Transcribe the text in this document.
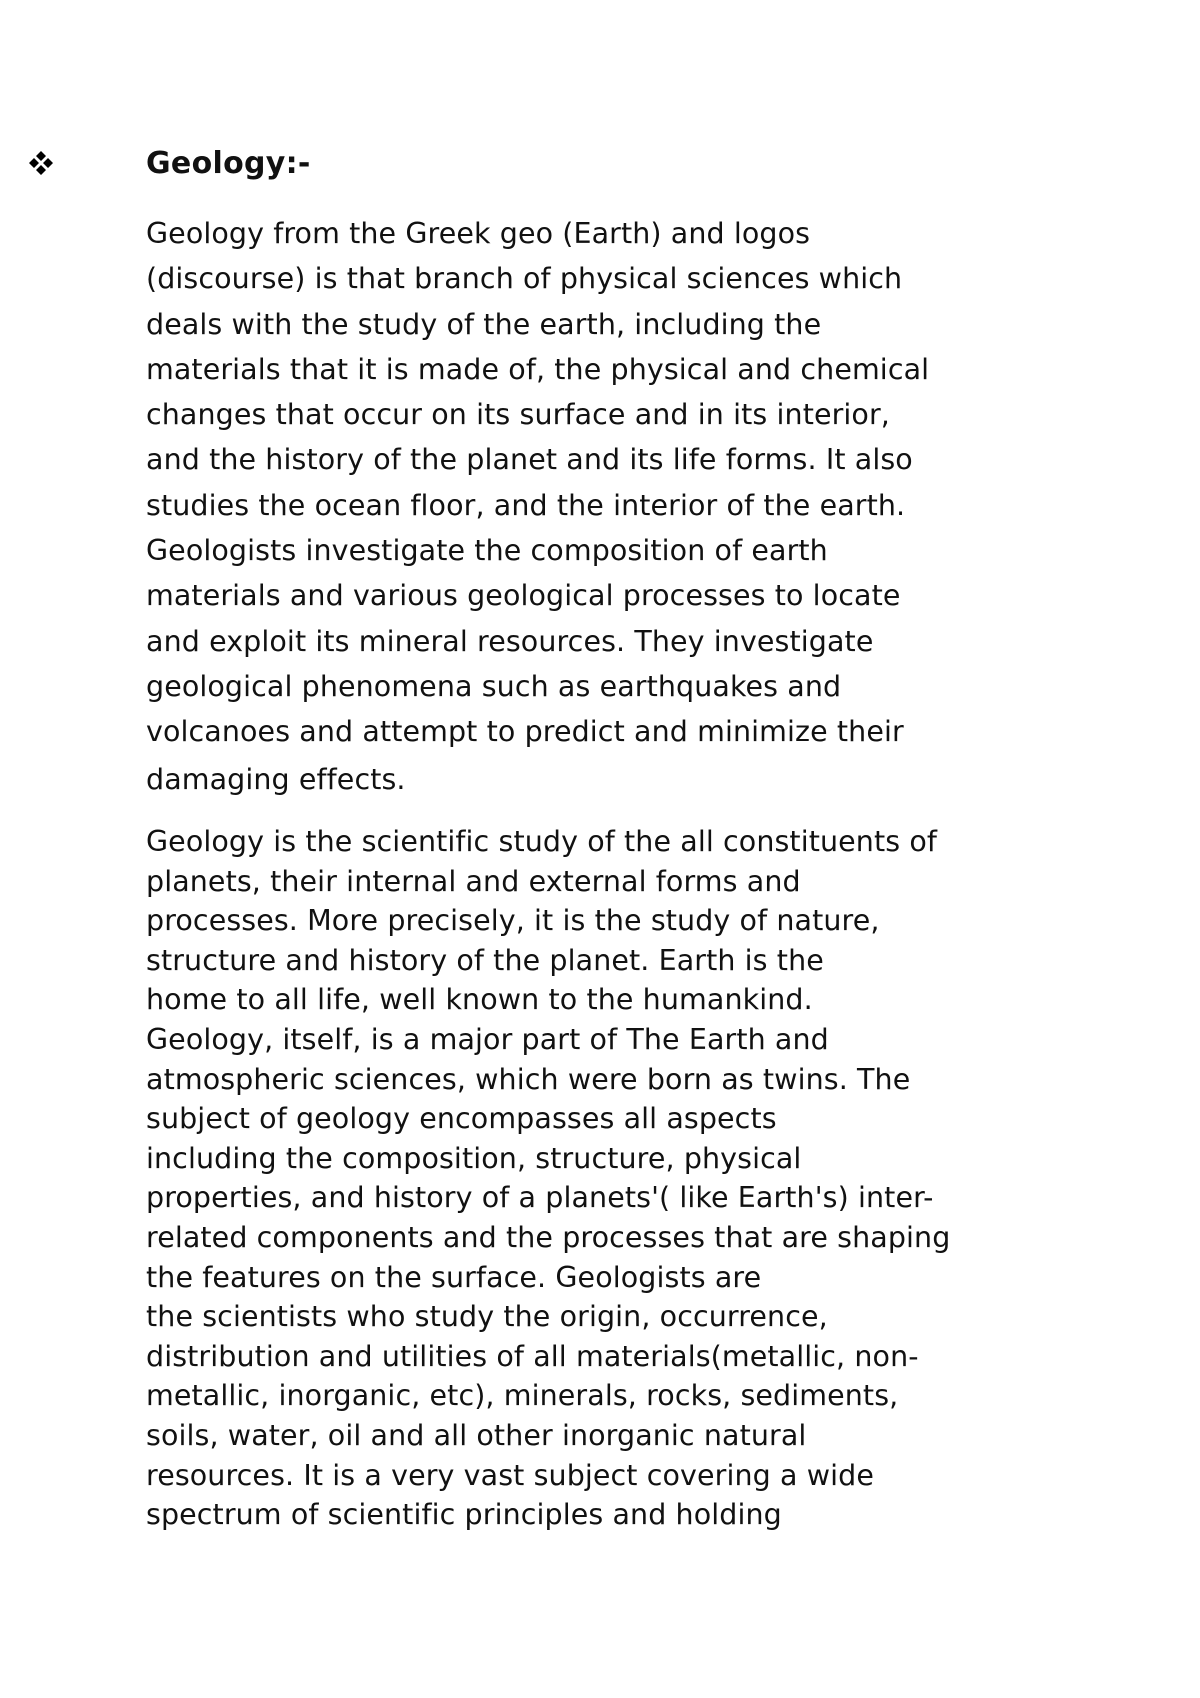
Geology:-
Geology from the Greek geo (Earth) and logos
(discourse) is that branch of physical sciences which
deals with the study of the earth, including the
materials that it is made of, the physical and chemical
changes that occur on its surface and in its interior,
and the history of the planet and its life forms. It also
studies the ocean floor, and the interior of the earth.
Geologists investigate the composition of earth
materials and various geological processes to locate
and exploit its mineral resources. They investigate
geological phenomena such as earthquakes and
volcanoes and attempt to predict and minimize their
damaging effects.
Geology is the scientific study of the all constituents of
planets, their internal and external forms and
processes. More precisely, it is the study of nature,
structure and history of the planet. Earth is the
home to all life, well known to the humankind.
Geology, itself, is a major part of The Earth and
atmospheric sciences, which were born as twins. The
subject of geology encompasses all aspects
including the composition, structure, physical
properties, and history of a planets'( like Earth's) inter-
related components and the processes that are shaping
the features on the surface. Geologists are
the scientists who study the origin, occurrence,
distribution and utilities of all materials(metallic, non-
metallic, inorganic, etc), minerals, rocks, sediments,
soils, water, oil and all other inorganic natural
resources. It is a very vast subject covering a wide
spectrum of scientific principles and holding
